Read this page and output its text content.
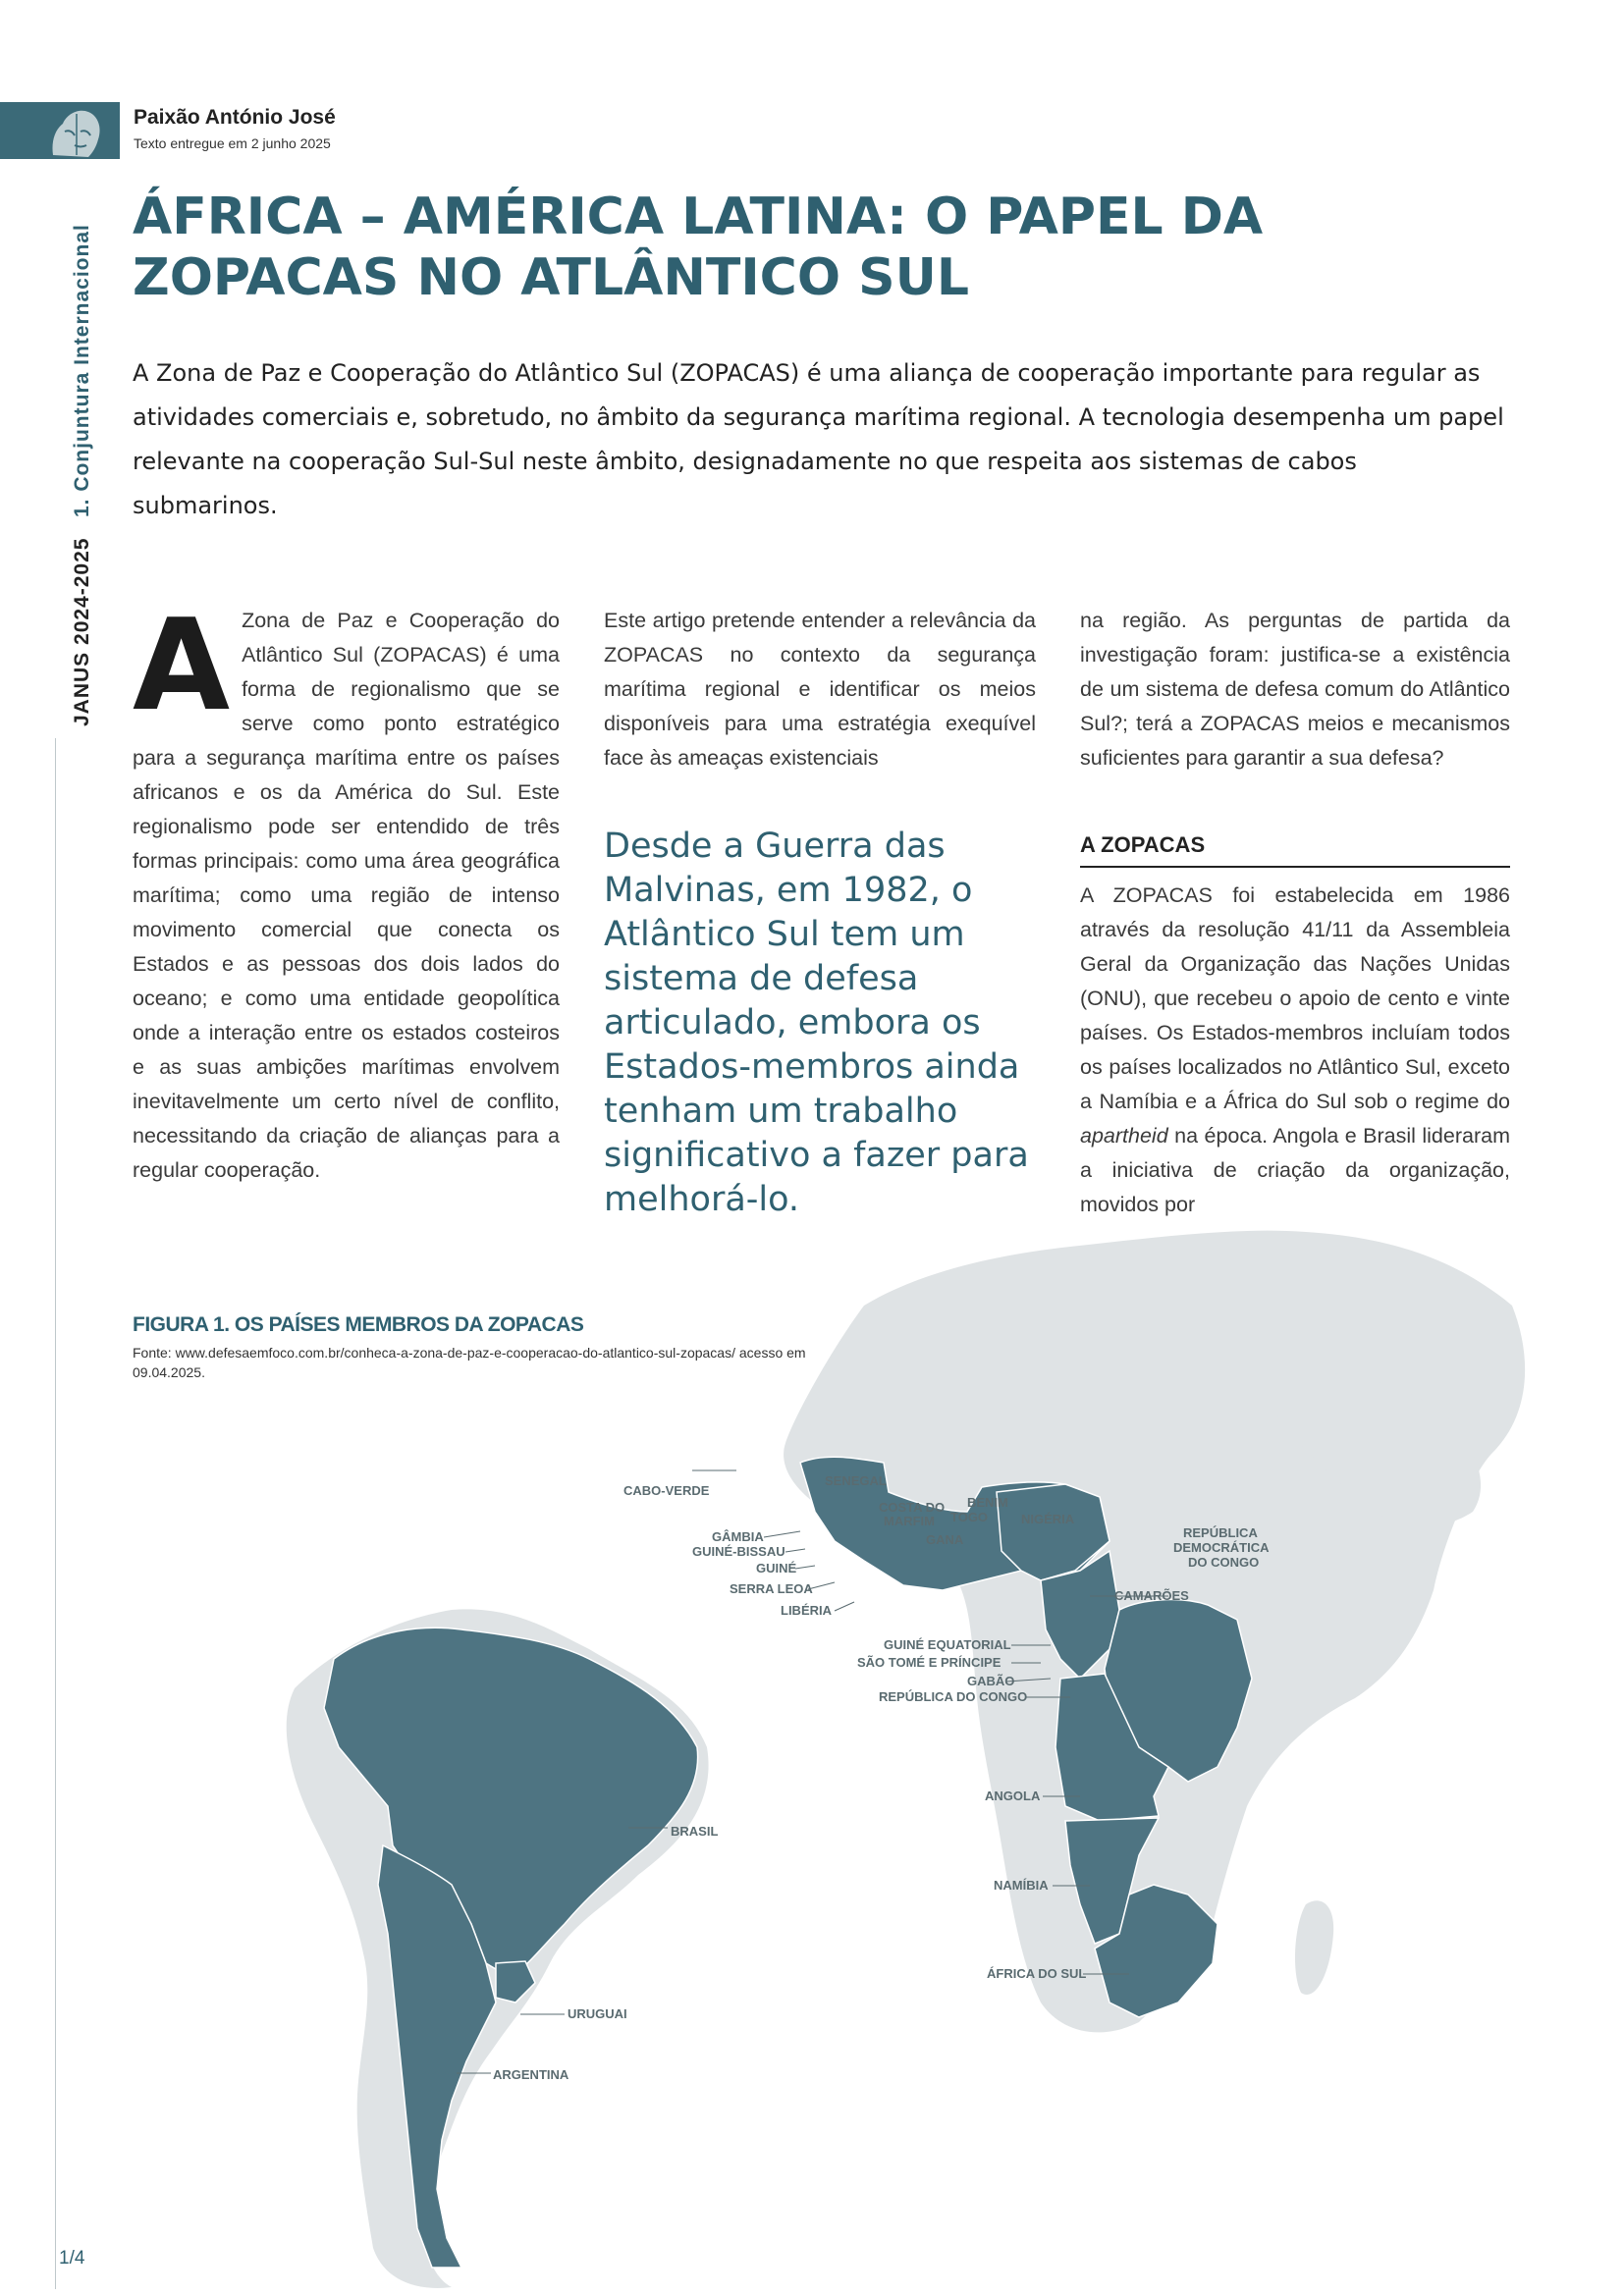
Paixão António José
Texto entregue em 2 junho 2025
JANUS 2024-2025   1. Conjuntura Internacional
ÁFRICA – AMÉRICA LATINA: O PAPEL DA ZOPACAS NO ATLÂNTICO SUL

A Zona de Paz e Cooperação do Atlântico Sul (ZOPACAS) é uma aliança de cooperação importante para regular as atividades comerciais e, sobretudo, no âmbito da segurança marítima regional. A tecnologia desempenha um papel relevante na cooperação Sul-Sul neste âmbito, designadamente no que respeita aos sistemas de cabos submarinos.

A Zona de Paz e Cooperação do Atlântico Sul (ZOPACAS) é uma forma de regionalismo que se serve como ponto estratégico para a segurança marítima entre os países africanos e os da América do Sul. Este regionalismo pode ser entendido de três formas principais: como uma área geográfica marítima; como uma região de intenso movimento comercial que conecta os Estados e as pessoas dos dois lados do oceano; e como uma entidade geopolítica onde a interação entre os estados costeiros e as suas ambições marítimas envolvem inevitavelmente um certo nível de conflito, necessitando da criação de alianças para a regular cooperação.

Este artigo pretende entender a relevância da ZOPACAS no contexto da segurança marítima regional e identificar os meios disponíveis para uma estratégia exequível face às ameaças existenciais

Desde a Guerra das Malvinas, em 1982, o Atlântico Sul tem um sistema de defesa articulado, embora os Estados-membros ainda tenham um trabalho significativo a fazer para melhorá-lo.

na região. As perguntas de partida da investigação foram: justifica-se a existência de um sistema de defesa comum do Atlântico Sul?; terá a ZOPACAS meios e mecanismos suficientes para garantir a sua defesa?

A ZOPACAS

A ZOPACAS foi estabelecida em 1986 através da resolução 41/11 da Assembleia Geral da Organização das Nações Unidas (ONU), que recebeu o apoio de cento e vinte países. Os Estados-membros incluíam todos os países localizados no Atlântico Sul, exceto a Namíbia e a África do Sul sob o regime do apartheid na época. Angola e Brasil lideraram a iniciativa de criação da organização, movidos por

CABO-VERDE
SENEGAL
GÂMBIA
GUINÉ-BISSAU
GUINÉ
SERRA LEOA
LIBÉRIA
COSTA DO
MARFIM
GANA
TOGO
BENIM
NIGÉRIA
REPÚBLICA
DEMOCRÁTICA
DO CONGO
CAMARÕES
GUINÉ EQUATORIAL
SÃO TOMÉ E PRÍNCIPE
GABÃO
REPÚBLICA DO CONGO
ANGOLA
NAMÍBIA
ÁFRICA DO SUL
BRASIL
URUGUAI
ARGENTINA
FIGURA 1. OS PAÍSES MEMBROS DA ZOPACAS
Fonte: www.defesaemfoco.com.br/conheca-a-zona-de-paz-e-cooperacao-do-atlantico-sul-zopacas/ acesso em 09.04.2025.
1/4
